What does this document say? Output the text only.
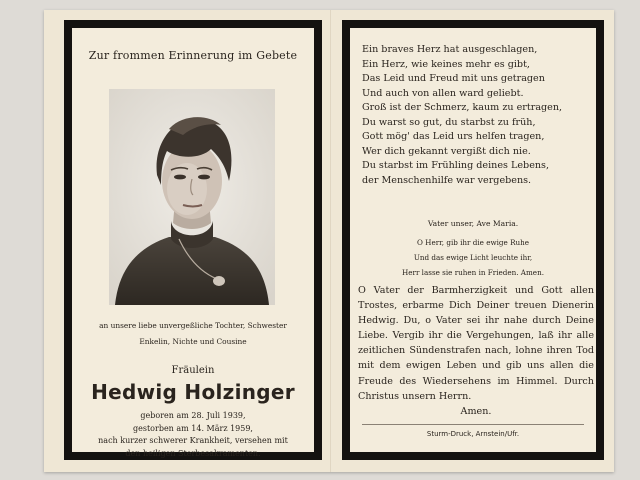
Zur frommen Erinnerung im Gebete
an unsere liebe unvergeßliche Tochter, Schwester
Enkelin, Nichte und Cousine
Fräulein
Hedwig Holzinger
geboren am 28. Juli 1939,
gestorben am 14. März 1959,
nach kurzer schwerer Krankheit, versehen mit
den heiligen Sterbesakramenten.
Ein braves Herz hat ausgeschlagen,
Ein Herz, wie keines mehr es gibt,
Das Leid und Freud mit uns getragen
Und auch von allen ward geliebt.
Groß ist der Schmerz, kaum zu ertragen,
Du warst so gut, du starbst zu früh,
Gott mög' das Leid urs helfen tragen,
Wer dich gekannt vergißt dich nie.
Du starbst im Frühling deines Lebens,
der Menschenhilfe war vergebens.
Vater unser, Ave Maria.
O Herr, gib ihr die ewige Ruhe
Und das ewige Licht leuchte ihr,
Herr lasse sie ruhen in Frieden. Amen.

O Vater der Barmherzigkeit und Gott allen Trostes, erbarme Dich Deiner treuen Dienerin Hedwig. Du, o Vater sei ihr nahe durch Deine Liebe. Vergib ihr die Vergehungen, laß ihr alle zeitlichen Sündenstrafen nach, lohne ihren Tod mit dem ewigen Leben und gib uns allen die Freude des Wiedersehens im Himmel. Durch Christus unsern Herrn.

Amen.
Sturm-Druck, Arnstein/Ufr.
